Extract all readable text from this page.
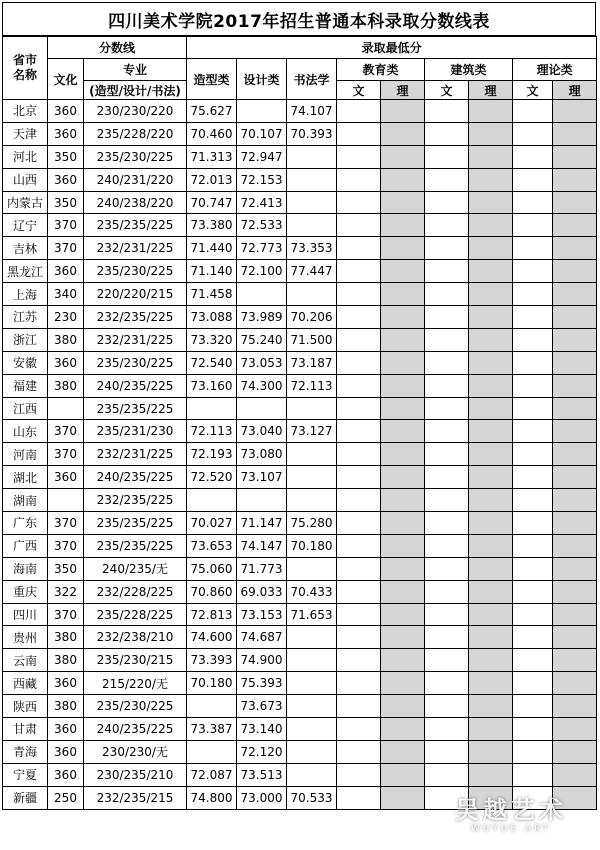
四川美术学院2017年招生普通本科录取分数线表
省市名称	分数线		录取最低分								
	文化	专业	造型类	设计类	书法学	教育类		建筑类		理论类	
		(造型/设计/书法)				文	理	文	理	文	理
北京	360	230/230/220	75.627		74.107						
天津	360	235/228/220	70.460	70.107	70.393						
河北	350	235/230/225	71.313	72.947							
山西	360	240/231/220	72.013	72.153							
内蒙古	350	240/238/220	70.747	72.413							
辽宁	370	235/235/225	73.380	72.533							
吉林	370	232/231/225	71.440	72.773	73.353						
黑龙江	360	235/230/225	71.140	72.100	77.447						
上海	340	220/220/215	71.458								
江苏	230	232/235/225	73.088	73.989	70.206						
浙江	380	232/231/225	73.320	75.240	71.500						
安徽	360	235/230/225	72.540	73.053	73.187						
福建	380	240/235/225	73.160	74.300	72.113						
江西		235/235/225									
山东	370	235/231/230	72.113	73.040	73.127						
河南	370	232/231/225	72.193	73.080							
湖北	360	240/235/225	72.520	73.107							
湖南		232/235/225									
广东	370	235/235/225	70.027	71.147	75.280						
广西	370	235/235/225	73.653	74.147	70.180						
海南	350	240/235/无	75.060	71.773							
重庆	322	232/228/225	70.860	69.033	70.433						
四川	370	235/228/225	72.813	73.153	71.653						
贵州	380	232/238/210	74.600	74.687							
云南	380	235/230/215	73.393	74.900							
西藏	360	215/220/无	70.180	75.393							
陕西	380	235/230/225		73.673							
甘肃	360	240/235/225	73.387	73.140							
青海	360	230/230/无		72.120							
宁夏	360	230/235/210	72.087	73.513							
新疆	250	232/235/215	74.800	73.000	70.533							吴越艺术
WUYUE ART
